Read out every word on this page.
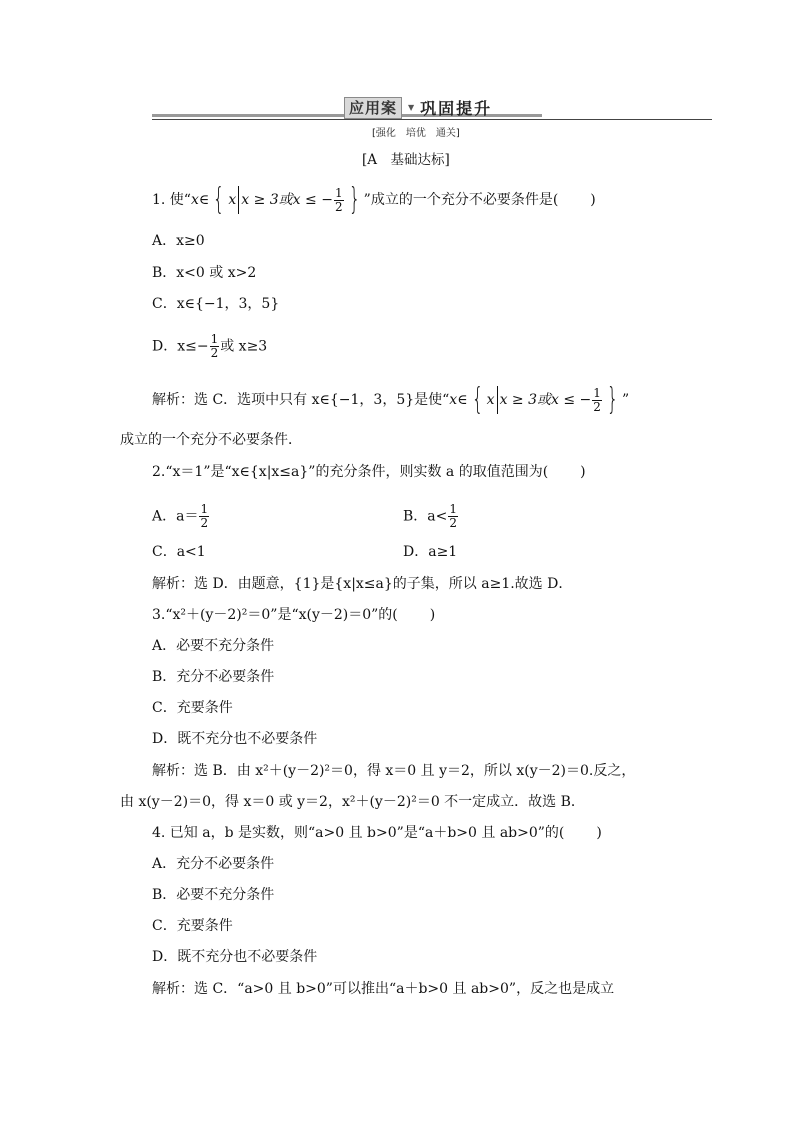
应用案	▼ 巩固提升
[强化　培优　通关]
[A　基础达标]
1. 使“x∈ { x x ≥ 3或x ≤ − $\frac{1}{2}$ } ”成立的一个充分不必要条件是( )
A．x≥0
B．x<0 或 x>2
C．x∈{−1，3，5}
D．$x\le- \frac{1}{2}$ 或 x≥3
解析：选 C．选项中只有 x∈{−1，3，5}是使“x∈ { x x ≥ 3或x ≤ − $\frac{1}{2}$ } ”
成立的一个充分不必要条件．
2.“x＝1”是“x∈{x|x≤a}”的充分条件，则实数 a 的取值范围为( )
A．$a= \frac{1}{2}$	B．$a< \frac{1}{2}$
C．a<1	D．a≥1
解析：选 D．由题意，{1}是{x|x≤a}的子集，所以 a≥1.故选 D．
3.“x²＋(y－2)²＝0”是“x(y－2)＝0”的( )
A．必要不充分条件
B．充分不必要条件
C．充要条件
D．既不充分也不必要条件
解析：选 B．由 x²＋(y－2)²＝0，得 x＝0 且 y＝2，所以 x(y－2)＝0.反之，
由 x(y－2)＝0，得 x＝0 或 y＝2，x²＋(y－2)²＝0 不一定成立．故选 B．
4. 已知 a，b 是实数，则“a>0 且 b>0”是“a＋b>0 且 ab>0”的( )
A．充分不必要条件
B．必要不充分条件
C．充要条件
D．既不充分也不必要条件
解析：选 C．“a>0 且 b>0”可以推出“a＋b>0 且 ab>0”，反之也是成立
